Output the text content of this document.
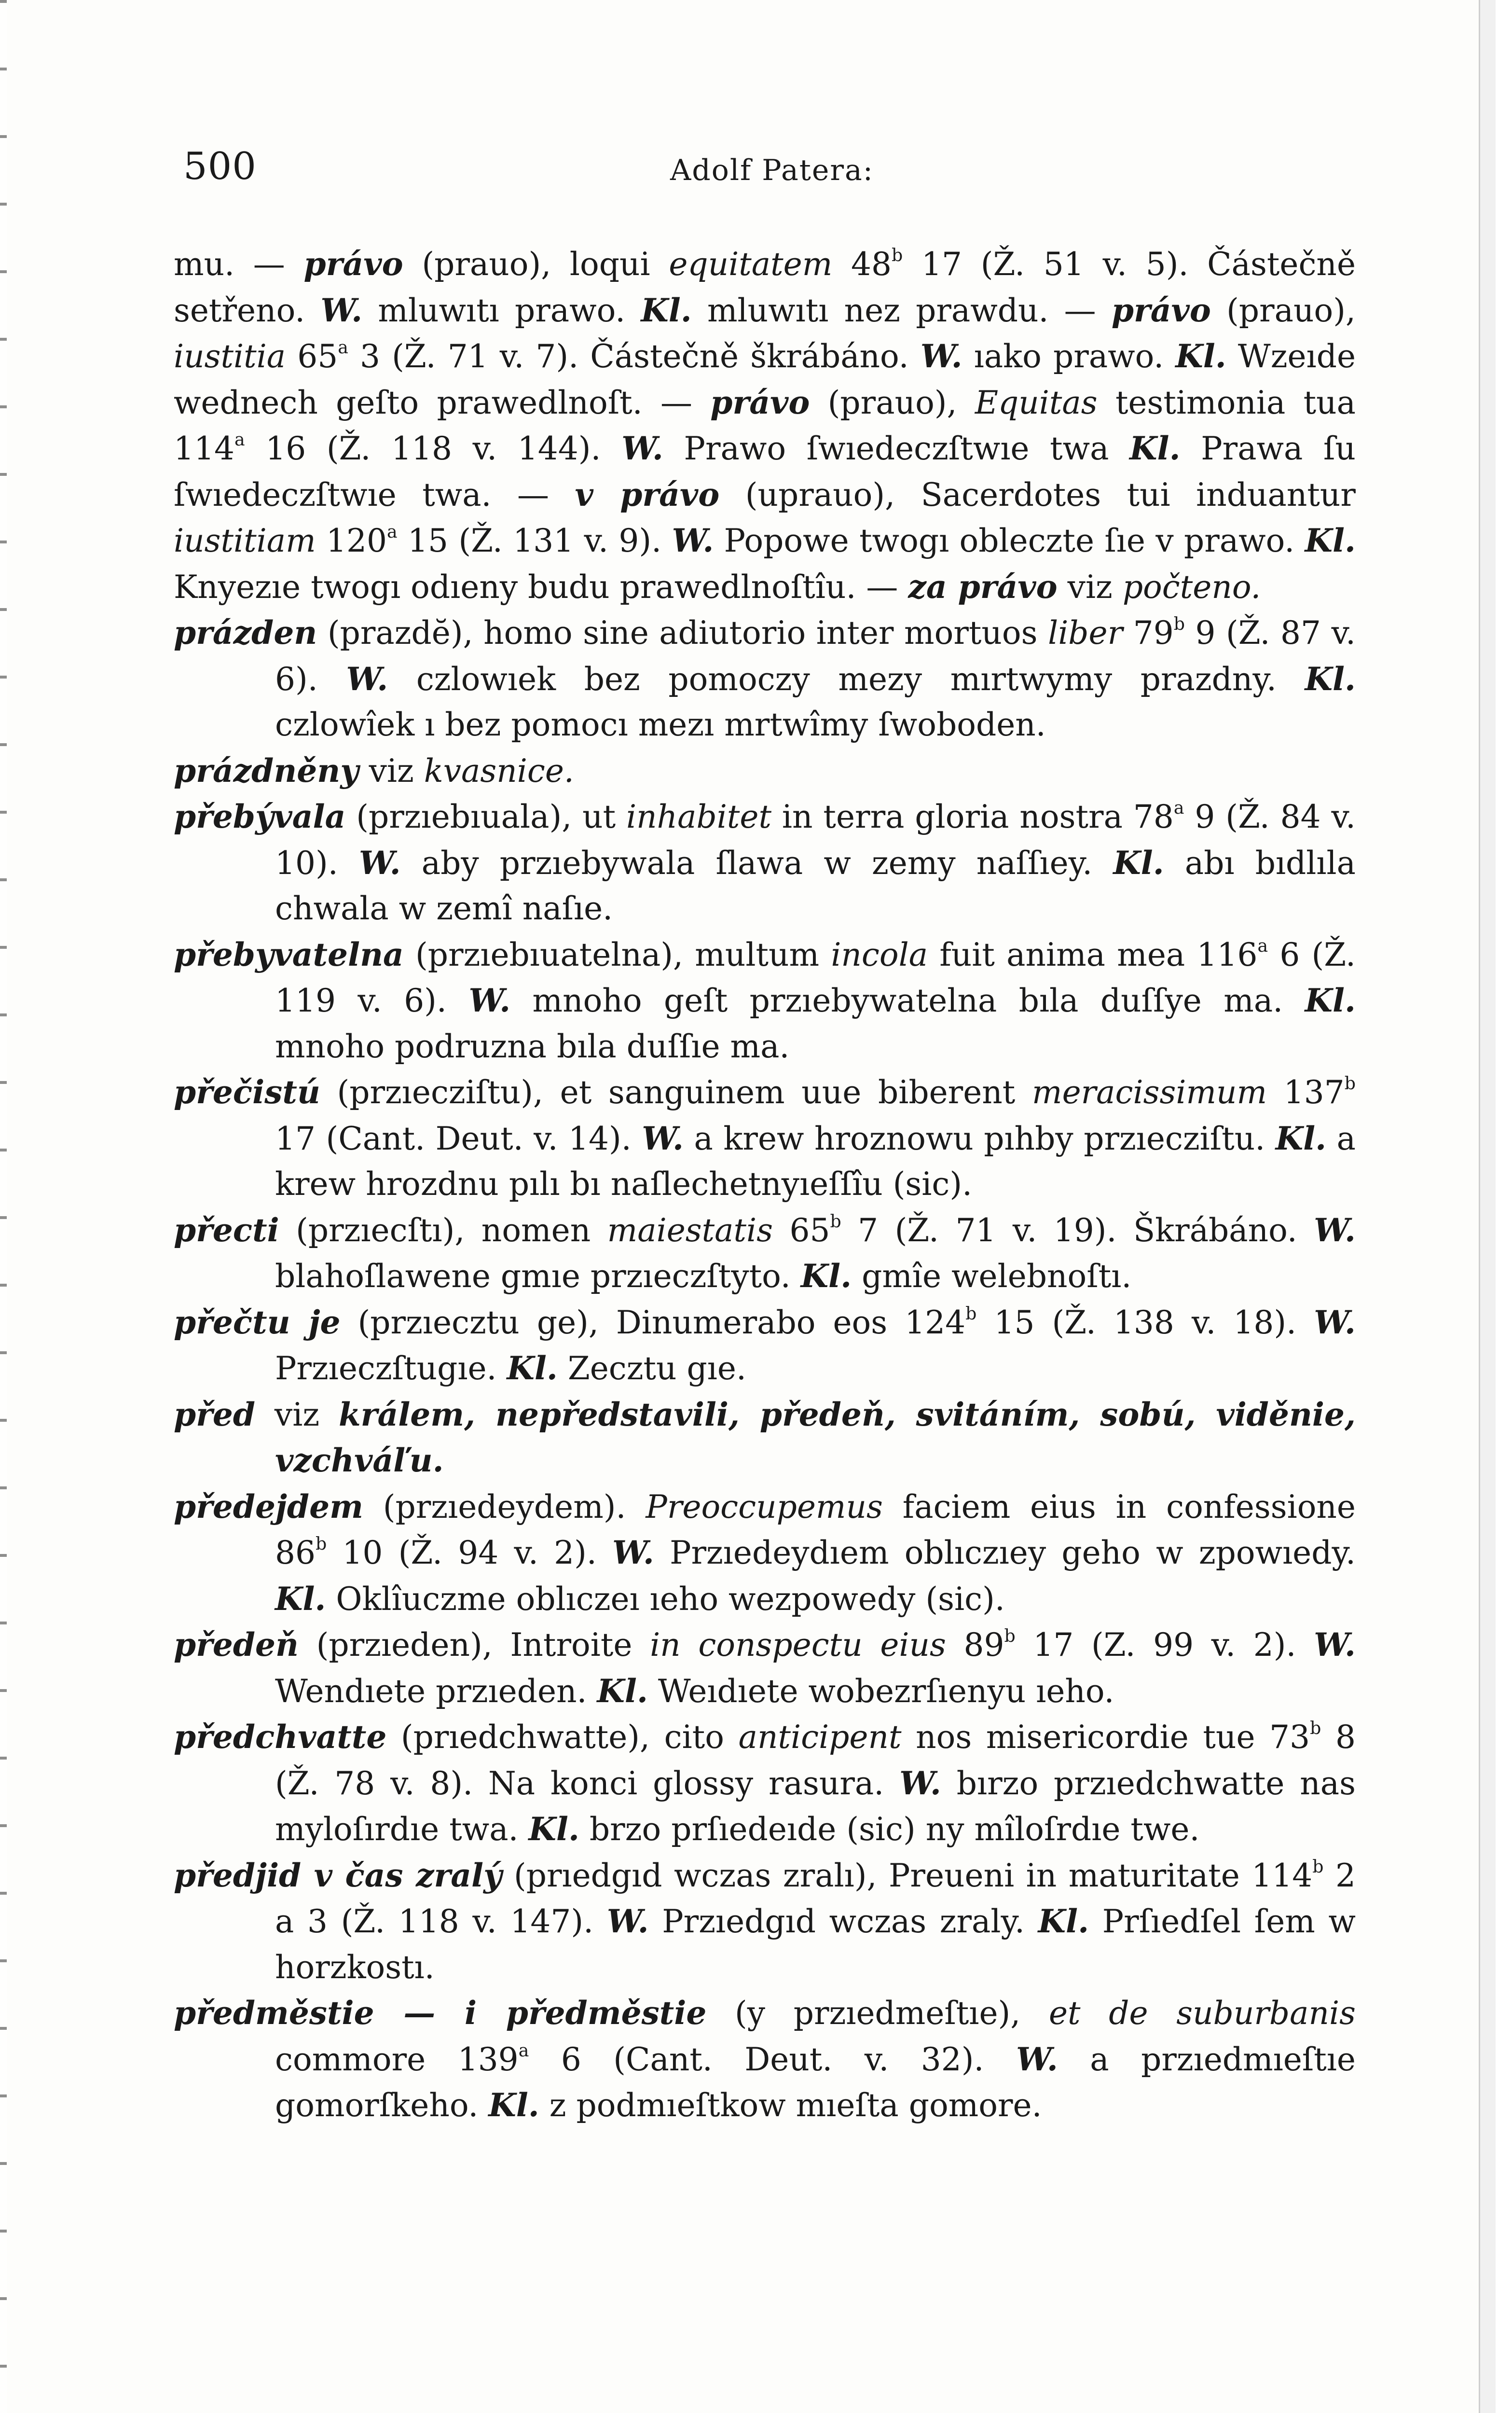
500	Adolf Patera:

mu. — právo (prauo), loqui equitatem 48$^b$ 17 (Ž. 51 v. 5). Částečně setřeno. W. mluwıtı prawo. Kl. mluwıtı nez prawdu. — právo (prauo), iustitia 65$^a$ 3 (Ž. 71 v. 7). Částečně škrábáno. W. ıako prawo. Kl. Wzeıde wednech geſto prawedlnoſt. — právo (prauo), Equitas testimonia tua 114$^a$ 16 (Ž. 118 v. 144). W. Prawo ſwıedeczſtwıe twa Kl. Prawa ſu ſwıedeczſtwıe twa. — v právo (uprauo), Sacerdotes tui induantur iustitiam 120$^a$ 15 (Ž. 131 v. 9). W. Popowe twogı obleczte ſıe v prawo. Kl. Knyezıe twogı odıeny budu prawedlnoſtîu. — za právo viz počteno.

prázden (prazdĕ), homo sine adiutorio inter mortuos liber 79$^b$ 9 (Ž. 87 v. 6). W. czlowıek bez pomoczy mezy mırtwymy prazdny. Kl. czlowîek ı bez pomocı mezı mrtwîmy ſwoboden.

prázdněny viz kvasnice.

přebývala (przıebıuala), ut inhabitet in terra gloria nostra 78$^a$ 9 (Ž. 84 v. 10). W. aby przıebywala ſlawa w zemy naſſıey. Kl. abı bıdlıla chwala w zemî naſıe.

přebyvatelna (przıebıuatelna), multum incola fuit anima mea 116$^a$ 6 (Ž. 119 v. 6). W. mnoho geſt przıebywatelna bıla duſſye ma. Kl. mnoho podruzna bıla duſſıe ma.

přečistú (przıecziſtu), et sanguinem uue biberent meracissimum 137$^b$ 17 (Cant. Deut. v. 14). W. a krew hroznowu pıhby przıecziſtu. Kl. a krew hrozdnu pılı bı naſlechetnyıeſſîu (sic).

přecti (przıecſtı), nomen maiestatis 65$^b$ 7 (Ž. 71 v. 19). Škrábáno. W. blahoſlawene gmıe przıeczſtyto. Kl. gmîe welebnoſtı.

přečtu je (przıecztu ge), Dinumerabo eos 124$^b$ 15 (Ž. 138 v. 18). W. Przıeczſtugıe. Kl. Zecztu gıe.

před viz králem, nepředstavili, předeň, svitáním, sobú, viděnie, vzchváľu.

předejdem (przıedeydem). Preoccupemus faciem eius in confessione 86$^b$ 10 (Ž. 94 v. 2). W. Przıedeydıem oblıczıey geho w zpowıedy. Kl. Oklîuczme oblıczeı ıeho wezpowedy (sic).

předeň (przıeden), Introite in conspectu eius 89$^b$ 17 (Z. 99 v. 2). W. Wendıete przıeden. Kl. Weıdıete wobezrſıenyu ıeho.

předchvatte (prıedchwatte), cito anticipent nos misericordie tue 73$^b$ 8 (Ž. 78 v. 8). Na konci glossy rasura. W. bırzo przıedchwatte nas myloſırdıe twa. Kl. brzo prſıedeıde (sic) ny mîloſrdıe twe.

předjid v čas zralý (prıedgıd wczas zralı), Preueni in maturitate 114$^b$ 2 a 3 (Ž. 118 v. 147). W. Przıedgıd wczas zraly. Kl. Prſıedſel ſem w horzkostı.

předměstie — i předměstie (y przıedmeſtıe), et de suburbanis commore 139$^a$ 6 (Cant. Deut. v. 32). W. a przıedmıeſtıe gomorſkeho. Kl. z podmıeſtkow mıeſta gomore.
